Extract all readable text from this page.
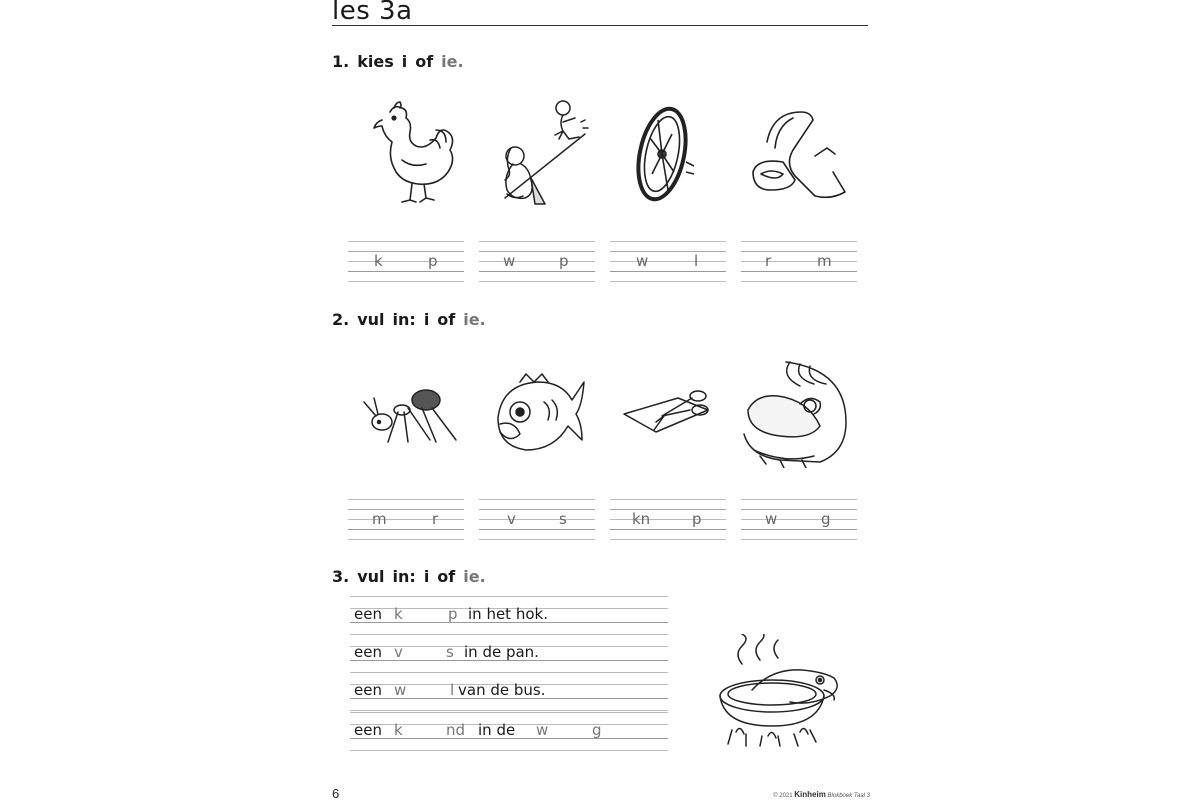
les 3a
1. kies i of ie.
k	p	w	p	w	l	r	m
2. vul in: i of ie.
m	r	v	s	kn	p	w	g
3. vul in: i of ie.
een k	p in het hok.
een v	s in de pan.
een w	l van de bus.
een k	nd in de w	g
6	© 2021 Kinheim Blokboek Taal 3
